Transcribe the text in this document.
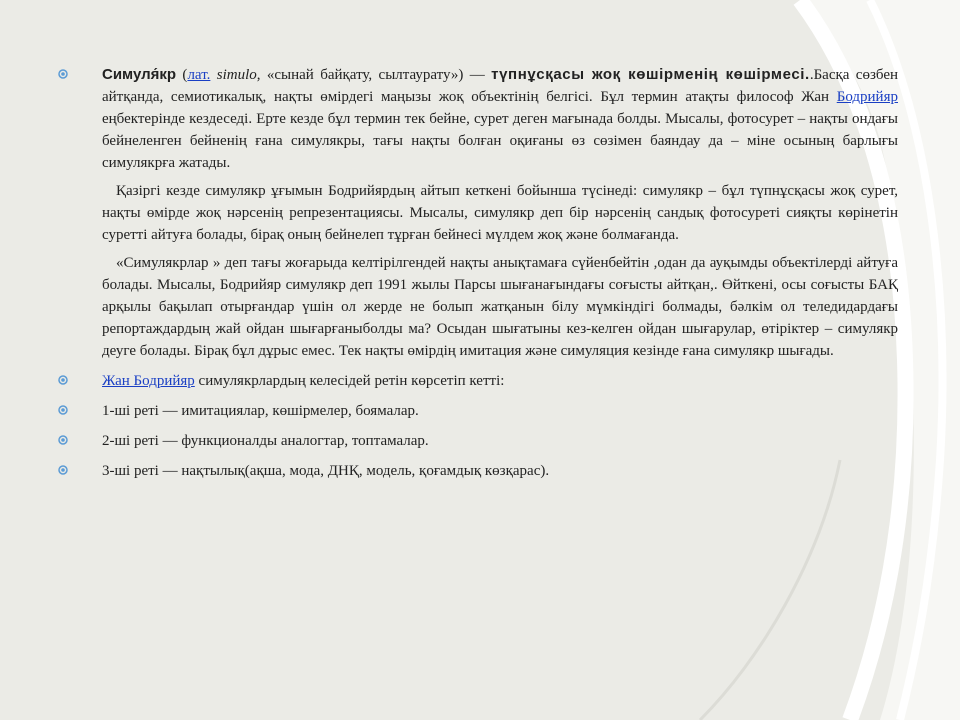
Симуля́кр (лат. simulo, «сынай байқату, сылтаурату») — түпнұсқасы жоқ көшірменің көшірмесі..Басқа сөзбен айтқанда, семиотикалық, нақты өмірдегі маңызы жоқ объектінің белгісі. Бұл термин атақты философ Жан Бодрийяр еңбектерінде кездеседі. Ерте кезде бұл термин тек бейне, сурет деген мағынада болды. Мысалы, фотосурет – нақты ондағы бейнеленген бейненің ғана симулякры, тағы нақты болған оқиғаны өз сөзімен баяндау да – міне осының барлығы симулякрға жатады.

Қазіргі кезде симулякр ұғымын Бодрийярдың айтып кеткені бойынша түсінеді: симулякр – бұл түпнұсқасы жоқ сурет, нақты өмірде жоқ нәрсенің репрезентациясы. Мысалы, симулякр деп бір нәрсенің сандық фотосуреті сияқты көрінетін суретті айтуға болады, бірақ оның бейнелеп тұрған бейнесі мүлдем жоқ және болмағанда.

«Симулякрлар » деп тағы жоғарыда келтірілгендей нақты анықтамаға сүйенбейтін ,одан да ауқымды объектілерді айтуға болады. Мысалы, Бодрийяр симулякр деп 1991 жылы Парсы шығанағындағы соғысты айтқан,. Өйткені, осы соғысты БАҚ арқылы бақылап отырғандар үшін ол жерде не болып жатқанын білу мүмкіндігі болмады, бәлкім ол теледидардағы репортаждардың жай ойдан шығарғаныболды ма? Осыдан шығатыны кез-келген ойдан шығарулар, өтіріктер – симулякр деуге болады. Бірақ бұл дұрыс емес. Тек нақты өмірдің имитация және симуляция кезінде ғана симулякр шығады.

Жан Бодрийяр симулякрлардың келесідей ретін көрсетіп кетті:

1-ші реті — имитациялар, көшірмелер, боямалар.

2-ші реті — функционалды аналогтар, топтамалар.

3-ші реті — нақтылық(ақша, мода, ДНҚ, модель, қоғамдық көзқарас).
